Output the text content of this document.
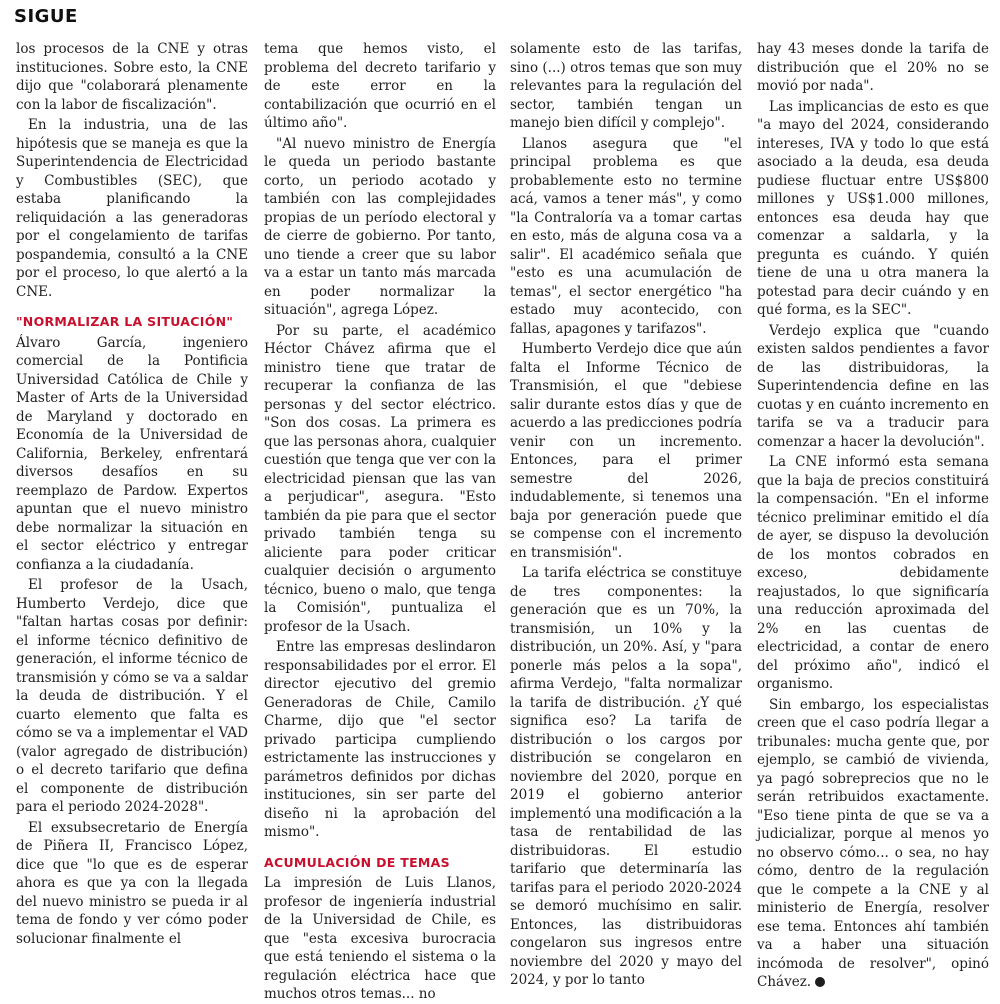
SIGUE

los procesos de la CNE y otras instituciones. Sobre esto, la CNE dijo que "colaborará plenamente con la labor de fiscalización".

En la industria, una de las hipótesis que se maneja es que la Superintendencia de Electricidad y Combustibles (SEC), que estaba planificando la reliquidación a las generadoras por el congelamiento de tarifas pospandemia, consultó a la CNE por el proceso, lo que alertó a la CNE.

"NORMALIZAR LA SITUACIÓN"

Álvaro García, ingeniero comercial de la Pontificia Universidad Católica de Chile y Master of Arts de la Universidad de Maryland y doctorado en Economía de la Universidad de California, Berkeley, enfrentará diversos desafíos en su reemplazo de Pardow. Expertos apuntan que el nuevo ministro debe normalizar la situación en el sector eléctrico y entregar confianza a la ciudadanía.

El profesor de la Usach, Humberto Verdejo, dice que "faltan hartas cosas por definir: el informe técnico definitivo de generación, el informe técnico de transmisión y cómo se va a saldar la deuda de distribución. Y el cuarto elemento que falta es cómo se va a implementar el VAD (valor agregado de distribución) o el decreto tarifario que defina el componente de distribución para el periodo 2024-2028".

El exsubsecretario de Energía de Piñera II, Francisco López, dice que "lo que es de esperar ahora es que ya con la llegada del nuevo ministro se pueda ir al tema de fondo y ver cómo poder solucionar finalmente el

tema que hemos visto, el problema del decreto tarifario y de este error en la contabilización que ocurrió en el último año".

"Al nuevo ministro de Energía le queda un periodo bastante corto, un periodo acotado y también con las complejidades propias de un período electoral y de cierre de gobierno. Por tanto, uno tiende a creer que su labor va a estar un tanto más marcada en poder normalizar la situación", agrega López.

Por su parte, el académico Héctor Chávez afirma que el ministro tiene que tratar de recuperar la confianza de las personas y del sector eléctrico. "Son dos cosas. La primera es que las personas ahora, cualquier cuestión que tenga que ver con la electricidad piensan que las van a perjudicar", asegura. "Esto también da pie para que el sector privado también tenga su aliciente para poder criticar cualquier decisión o argumento técnico, bueno o malo, que tenga la Comisión", puntualiza el profesor de la Usach.

Entre las empresas deslindaron responsabilidades por el error. El director ejecutivo del gremio Generadoras de Chile, Camilo Charme, dijo que "el sector privado participa cumpliendo estrictamente las instrucciones y parámetros definidos por dichas instituciones, sin ser parte del diseño ni la aprobación del mismo".

ACUMULACIÓN DE TEMAS

La impresión de Luis Llanos, profesor de ingeniería industrial de la Universidad de Chile, es que "esta excesiva burocracia que está teniendo el sistema o la regulación eléctrica hace que muchos otros temas... no

solamente esto de las tarifas, sino (...) otros temas que son muy relevantes para la regulación del sector, también tengan un manejo bien difícil y complejo".

Llanos asegura que "el principal problema es que probablemente esto no termine acá, vamos a tener más", y como "la Contraloría va a tomar cartas en esto, más de alguna cosa va a salir". El académico señala que "esto es una acumulación de temas", el sector energético "ha estado muy acontecido, con fallas, apagones y tarifazos".

Humberto Verdejo dice que aún falta el Informe Técnico de Transmisión, el que "debiese salir durante estos días y que de acuerdo a las predicciones podría venir con un incremento. Entonces, para el primer semestre del 2026, indudablemente, si tenemos una baja por generación puede que se compense con el incremento en transmisión".

La tarifa eléctrica se constituye de tres componentes: la generación que es un 70%, la transmisión, un 10% y la distribución, un 20%. Así, y "para ponerle más pelos a la sopa", afirma Verdejo, "falta normalizar la tarifa de distribución. ¿Y qué significa eso? La tarifa de distribución o los cargos por distribución se congelaron en noviembre del 2020, porque en 2019 el gobierno anterior implementó una modificación a la tasa de rentabilidad de las distribuidoras. El estudio tarifario que determinaría las tarifas para el periodo 2020-2024 se demoró muchísimo en salir. Entonces, las distribuidoras congelaron sus ingresos entre noviembre del 2020 y mayo del 2024, y por lo tanto

hay 43 meses donde la tarifa de distribución que el 20% no se movió por nada".

Las implicancias de esto es que "a mayo del 2024, considerando intereses, IVA y todo lo que está asociado a la deuda, esa deuda pudiese fluctuar entre US$800 millones y US$1.000 millones, entonces esa deuda hay que comenzar a saldarla, y la pregunta es cuándo. Y quién tiene de una u otra manera la potestad para decir cuándo y en qué forma, es la SEC".

Verdejo explica que "cuando existen saldos pendientes a favor de las distribuidoras, la Superintendencia define en las cuotas y en cuánto incremento en tarifa se va a traducir para comenzar a hacer la devolución".

La CNE informó esta semana que la baja de precios constituirá la compensación. "En el informe técnico preliminar emitido el día de ayer, se dispuso la devolución de los montos cobrados en exceso, debidamente reajustados, lo que significaría una reducción aproximada del 2% en las cuentas de electricidad, a contar de enero del próximo año", indicó el organismo.

Sin embargo, los especialistas creen que el caso podría llegar a tribunales: mucha gente que, por ejemplo, se cambió de vivienda, ya pagó sobreprecios que no le serán retribuidos exactamente. "Eso tiene pinta de que se va a judicializar, porque al menos yo no observo cómo... o sea, no hay cómo, dentro de la regulación que le compete a la CNE y al ministerio de Energía, resolver ese tema. Entonces ahí también va a haber una situación incómoda de resolver", opinó Chávez.
